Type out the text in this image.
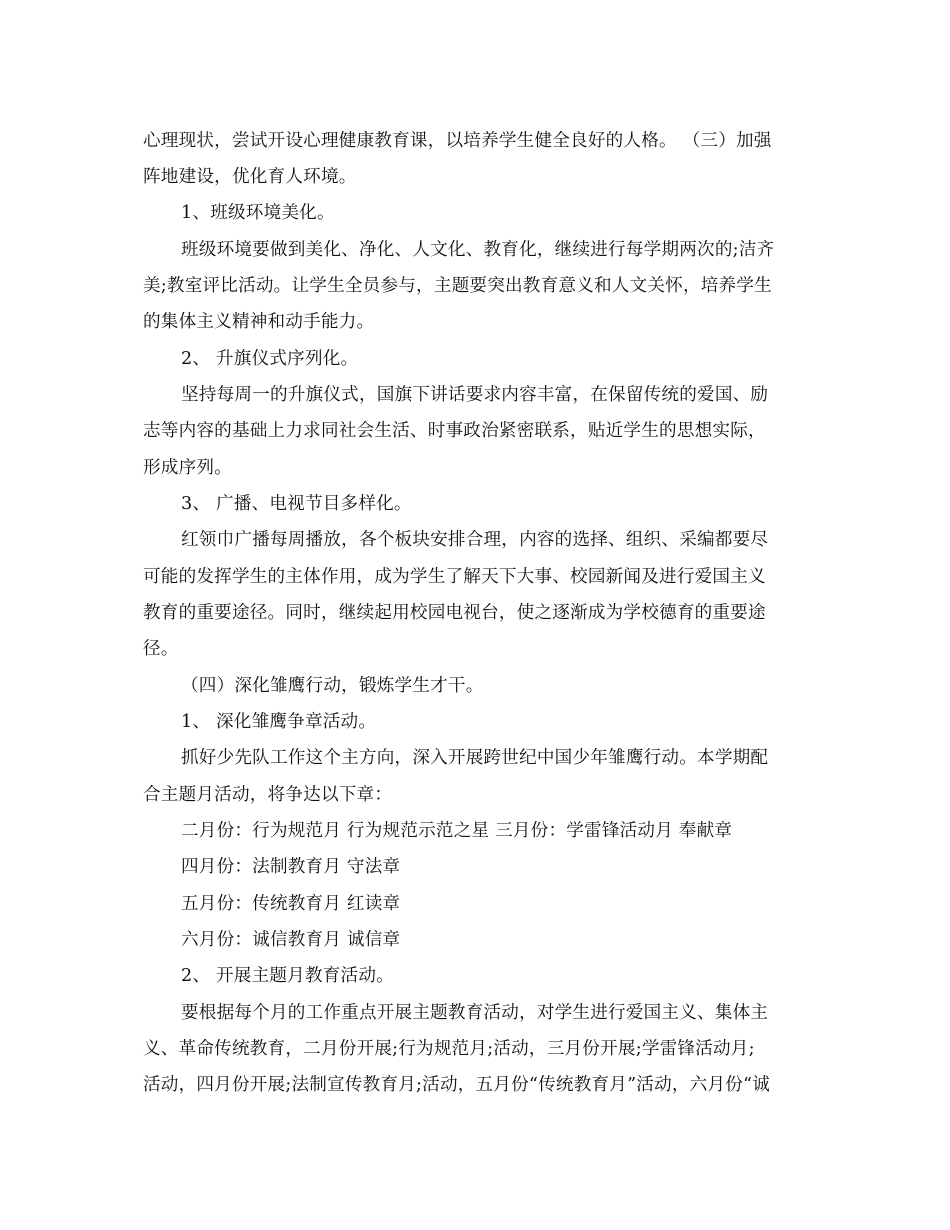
心理现状，尝试开设心理健康教育课，以培养学生健全良好的人格。 （三）加强
阵地建设，优化育人环境。
1、班级环境美化。
班级环境要做到美化、净化、人文化、教育化，继续进行每学期两次的;洁齐
美;教室评比活动。让学生全员参与，主题要突出教育意义和人文关怀，培养学生
的集体主义精神和动手能力。
2、 升旗仪式序列化。
坚持每周一的升旗仪式，国旗下讲话要求内容丰富，在保留传统的爱国、励
志等内容的基础上力求同社会生活、时事政治紧密联系，贴近学生的思想实际，
形成序列。
3、 广播、电视节目多样化。
红领巾广播每周播放，各个板块安排合理，内容的选择、组织、采编都要尽
可能的发挥学生的主体作用，成为学生了解天下大事、校园新闻及进行爱国主义
教育的重要途径。同时，继续起用校园电视台，使之逐渐成为学校德育的重要途
径。
（四）深化雏鹰行动，锻炼学生才干。
1、 深化雏鹰争章活动。
抓好少先队工作这个主方向，深入开展跨世纪中国少年雏鹰行动。本学期配
合主题月活动，将争达以下章：
二月份：行为规范月 行为规范示范之星 三月份：学雷锋活动月 奉献章
四月份：法制教育月 守法章
五月份：传统教育月 红读章
六月份：诚信教育月 诚信章
2、 开展主题月教育活动。
要根据每个月的工作重点开展主题教育活动，对学生进行爱国主义、集体主
义、革命传统教育，二月份开展;行为规范月;活动，三月份开展;学雷锋活动月;
活动，四月份开展;法制宣传教育月;活动，五月份“传统教育月”活动，六月份“诚
